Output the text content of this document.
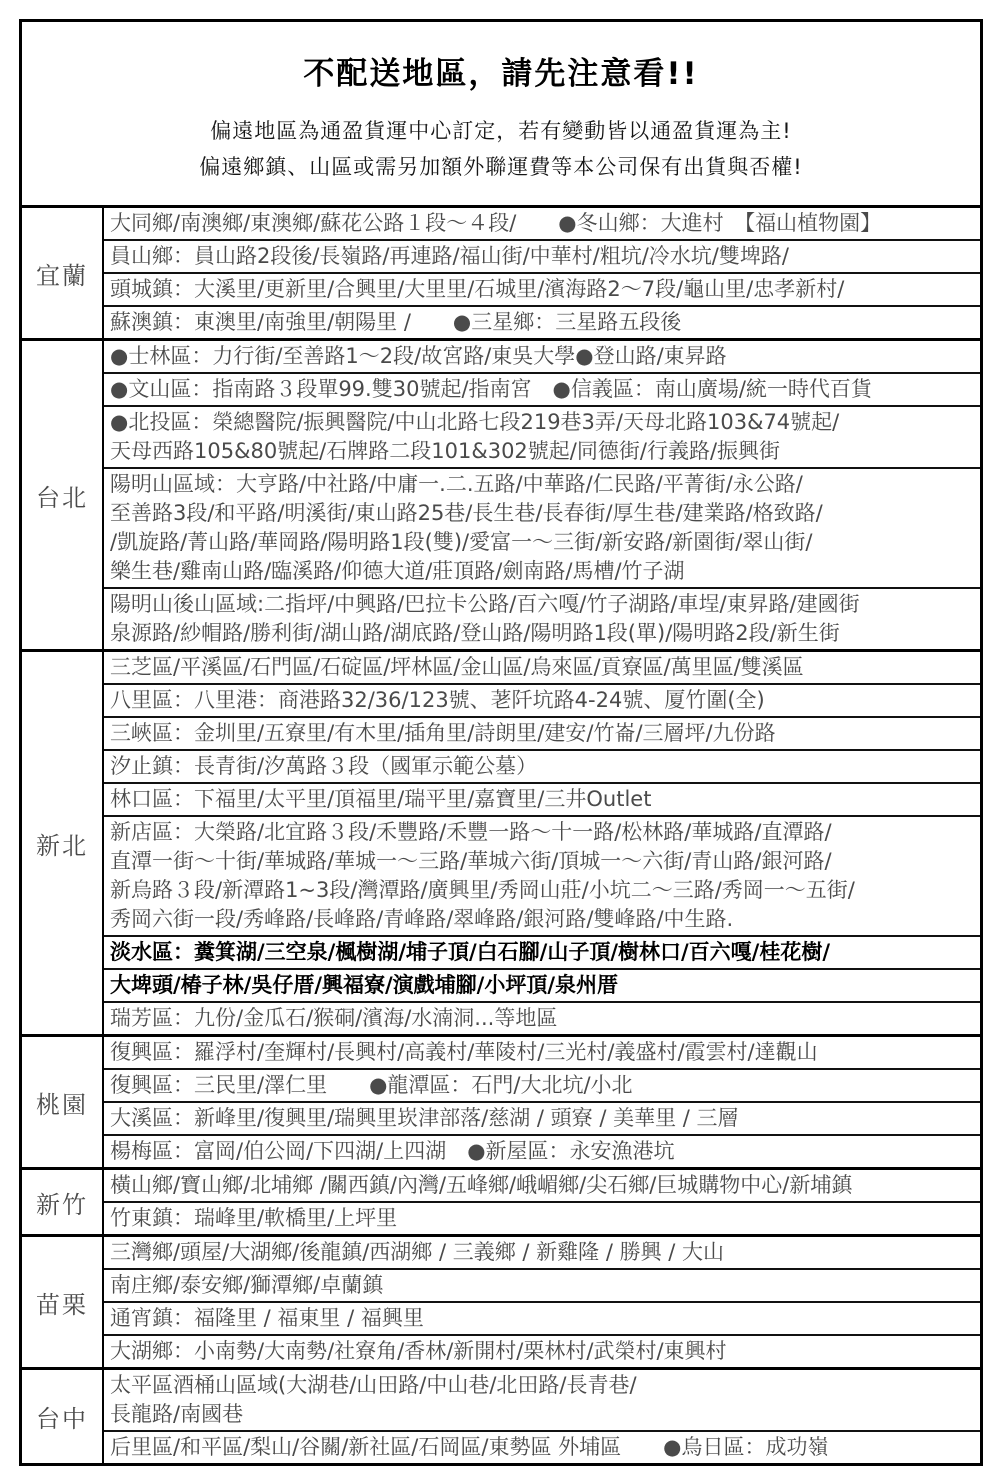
不配送地區，請先注意看!!
偏遠地區為通盈貨運中心訂定，若有變動皆以通盈貨運為主!
偏遠鄉鎮、山區或需另加額外聯運費等本公司保有出貨與否權!
宜蘭
大同鄉/南澳鄉/東澳鄉/蘇花公路１段～４段/　　●冬山鄉：大進村　【福山植物園】
員山鄉：員山路2段後/長嶺路/再連路/福山街/中華村/粗坑/冷水坑/雙埤路/
頭城鎮：大溪里/更新里/合興里/大里里/石城里/濱海路2～7段/龜山里/忠孝新村/
蘇澳鎮：東澳里/南強里/朝陽里 /　　●三星鄉：三星路五段後
台北
●士林區：力行街/至善路1～2段/故宮路/東吳大學●登山路/東昇路
●文山區：指南路３段單99.雙30號起/指南宮　●信義區：南山廣場/統一時代百貨
●北投區：榮總醫院/振興醫院/中山北路七段219巷3弄/天母北路103&74號起/
天母西路105&80號起/石牌路二段101&302號起/同德街/行義路/振興街
陽明山區域：大亨路/中社路/中庸一.二.五路/中華路/仁民路/平菁街/永公路/
至善路3段/和平路/明溪街/東山路25巷/長生巷/長春街/厚生巷/建業路/格致路/
/凱旋路/菁山路/華岡路/陽明路1段(雙)/愛富一～三街/新安路/新園街/翠山街/
樂生巷/雞南山路/臨溪路/仰德大道/莊頂路/劍南路/馬槽/竹子湖
陽明山後山區域:二指坪/中興路/巴拉卡公路/百六嘎/竹子湖路/車埕/東昇路/建國街
泉源路/紗帽路/勝利街/湖山路/湖底路/登山路/陽明路1段(單)/陽明路2段/新生街
新北
三芝區/平溪區/石門區/石碇區/坪林區/金山區/烏來區/貢寮區/萬里區/雙溪區
八里區：八里港：商港路32/36/123號、荖阡坑路4-24號、厦竹圍(全)
三峽區：金圳里/五寮里/有木里/插角里/詩朗里/建安/竹崙/三層坪/九份路
汐止鎮：長青街/汐萬路３段（國軍示範公墓）
林口區：下福里/太平里/頂福里/瑞平里/嘉寶里/三井Outlet
新店區：大榮路/北宜路３段/禾豐路/禾豐一路～十一路/松林路/華城路/直潭路/
直潭一街～十街/華城路/華城一～三路/華城六街/頂城一～六街/青山路/銀河路/
新烏路３段/新潭路1~3段/灣潭路/廣興里/秀岡山莊/小坑二～三路/秀岡一～五街/
秀岡六街一段/秀峰路/長峰路/青峰路/翠峰路/銀河路/雙峰路/中生路.
淡水區：糞箕湖/三空泉/楓樹湖/埔子頂/白石腳/山子頂/樹林口/百六嘎/桂花樹/
大埤頭/椿子林/吳仔厝/興福寮/演戲埔腳/小坪頂/泉州厝
瑞芳區：九份/金瓜石/猴硐/濱海/水湳洞...等地區
桃園
復興區：羅浮村/奎輝村/長興村/高義村/華陵村/三光村/義盛村/霞雲村/達觀山
復興區：三民里/澤仁里　　●龍潭區：石門/大北坑/小北
大溪區：新峰里/復興里/瑞興里崁津部落/慈湖 / 頭寮 / 美華里 / 三層
楊梅區：富岡/伯公岡/下四湖/上四湖　●新屋區：永安漁港坑
新竹
橫山鄉/寶山鄉/北埔鄉 /關西鎮/內灣/五峰鄉/峨嵋鄉/尖石鄉/巨城購物中心/新埔鎮
竹東鎮：瑞峰里/軟橋里/上坪里
苗栗
三灣鄉/頭屋/大湖鄉/後龍鎮/西湖鄉 / 三義鄉 / 新雞隆 / 勝興 / 大山
南庄鄉/泰安鄉/獅潭鄉/卓蘭鎮
通宵鎮：福隆里 / 福東里 / 福興里
大湖鄉：小南勢/大南勢/社寮角/香林/新開村/栗林村/武榮村/東興村
台中
太平區酒桶山區域(大湖巷/山田路/中山巷/北田路/長青巷/
長龍路/南國巷
后里區/和平區/梨山/谷關/新社區/石岡區/東勢區 外埔區　　●烏日區：成功嶺
